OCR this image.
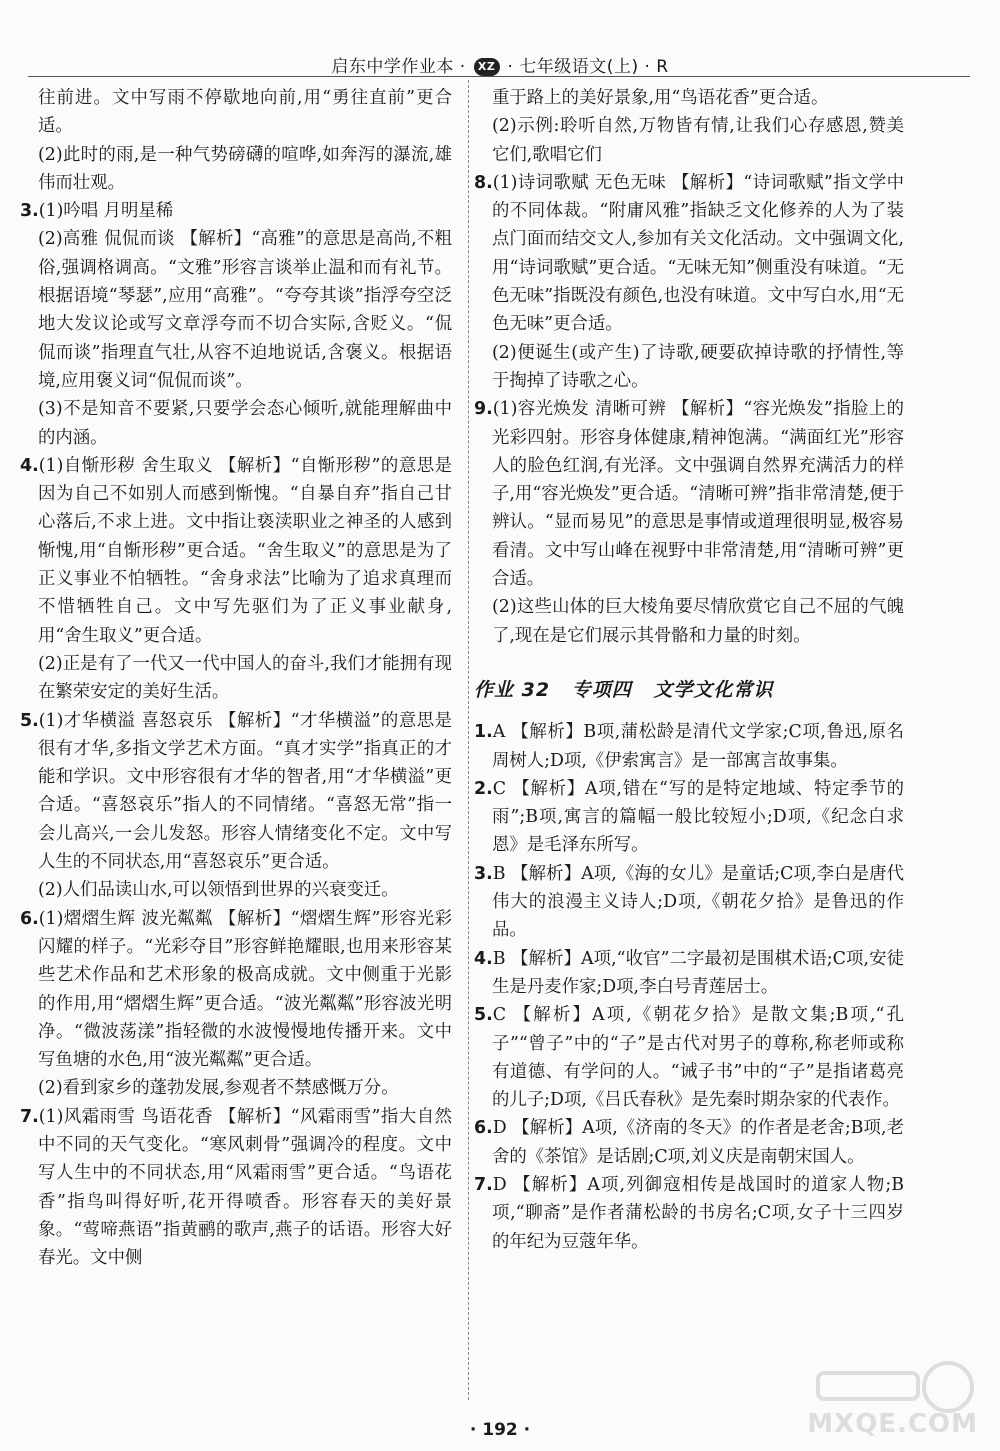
启东中学作业本 · XZ · 七年级语文(上) · R

往前进。文中写雨不停歇地向前,用“勇往直前”更合适。

(2)此时的雨,是一种气势磅礴的喧哗,如奔泻的瀑流,雄伟而壮观。

3.(1)吟唱 月明星稀

(2)高雅 侃侃而谈 【解析】“高雅”的意思是高尚,不粗俗,强调格调高。“文雅”形容言谈举止温和而有礼节。根据语境“琴瑟”,应用“高雅”。“夸夸其谈”指浮夸空泛地大发议论或写文章浮夸而不切合实际,含贬义。“侃侃而谈”指理直气壮,从容不迫地说话,含褒义。根据语境,应用褒义词“侃侃而谈”。

(3)不是知音不要紧,只要学会态心倾听,就能理解曲中的内涵。

4.(1)自惭形秽 舍生取义 【解析】“自惭形秽”的意思是因为自己不如别人而感到惭愧。“自暴自弃”指自己甘心落后,不求上进。文中指让亵渎职业之神圣的人感到惭愧,用“自惭形秽”更合适。“舍生取义”的意思是为了正义事业不怕牺牲。“舍身求法”比喻为了追求真理而不惜牺牲自己。文中写先驱们为了正义事业献身,用“舍生取义”更合适。

(2)正是有了一代又一代中国人的奋斗,我们才能拥有现在繁荣安定的美好生活。

5.(1)才华横溢 喜怒哀乐 【解析】“才华横溢”的意思是很有才华,多指文学艺术方面。“真才实学”指真正的才能和学识。文中形容很有才华的智者,用“才华横溢”更合适。“喜怒哀乐”指人的不同情绪。“喜怒无常”指一会儿高兴,一会儿发怒。形容人情绪变化不定。文中写人生的不同状态,用“喜怒哀乐”更合适。

(2)人们品读山水,可以领悟到世界的兴衰变迁。

6.(1)熠熠生辉 波光粼粼 【解析】“熠熠生辉”形容光彩闪耀的样子。“光彩夺目”形容鲜艳耀眼,也用来形容某些艺术作品和艺术形象的极高成就。文中侧重于光影的作用,用“熠熠生辉”更合适。“波光粼粼”形容波光明净。“微波荡漾”指轻微的水波慢慢地传播开来。文中写鱼塘的水色,用“波光粼粼”更合适。

(2)看到家乡的蓬勃发展,参观者不禁感慨万分。

7.(1)风霜雨雪 鸟语花香 【解析】“风霜雨雪”指大自然中不同的天气变化。“寒风刺骨”强调冷的程度。文中写人生中的不同状态,用“风霜雨雪”更合适。“鸟语花香”指鸟叫得好听,花开得喷香。形容春天的美好景象。“莺啼燕语”指黄鹂的歌声,燕子的话语。形容大好春光。文中侧

重于路上的美好景象,用“鸟语花香”更合适。

(2)示例:聆听自然,万物皆有情,让我们心存感恩,赞美它们,歌唱它们

8.(1)诗词歌赋 无色无味 【解析】“诗词歌赋”指文学中的不同体裁。“附庸风雅”指缺乏文化修养的人为了装点门面而结交文人,参加有关文化活动。文中强调文化,用“诗词歌赋”更合适。“无味无知”侧重没有味道。“无色无味”指既没有颜色,也没有味道。文中写白水,用“无色无味”更合适。

(2)便诞生(或产生)了诗歌,硬要砍掉诗歌的抒情性,等于掏掉了诗歌之心。

9.(1)容光焕发 清晰可辨 【解析】“容光焕发”指脸上的光彩四射。形容身体健康,精神饱满。“满面红光”形容人的脸色红润,有光泽。文中强调自然界充满活力的样子,用“容光焕发”更合适。“清晰可辨”指非常清楚,便于辨认。“显而易见”的意思是事情或道理很明显,极容易看清。文中写山峰在视野中非常清楚,用“清晰可辨”更合适。

(2)这些山体的巨大棱角要尽情欣赏它自己不屈的气魄了,现在是它们展示其骨骼和力量的时刻。

作业 32 专项四 文学文化常识

1.A 【解析】B项,蒲松龄是清代文学家;C项,鲁迅,原名周树人;D项,《伊索寓言》是一部寓言故事集。

2.C 【解析】A项,错在“写的是特定地域、特定季节的雨”;B项,寓言的篇幅一般比较短小;D项,《纪念白求恩》是毛泽东所写。

3.B 【解析】A项,《海的女儿》是童话;C项,李白是唐代伟大的浪漫主义诗人;D项,《朝花夕拾》是鲁迅的作品。

4.B 【解析】A项,“收官”二字最初是围棋术语;C项,安徒生是丹麦作家;D项,李白号青莲居士。

5.C 【解析】A项,《朝花夕拾》是散文集;B项,“孔子”“曾子”中的“子”是古代对男子的尊称,称老师或称有道德、有学问的人。“诫子书”中的“子”是指诸葛亮的儿子;D项,《吕氏春秋》是先秦时期杂家的代表作。

6.D 【解析】A项,《济南的冬天》的作者是老舍;B项,老舍的《茶馆》是话剧;C项,刘义庆是南朝宋国人。

7.D 【解析】A项,列御寇相传是战国时的道家人物;B项,“聊斋”是作者蒲松龄的书房名;C项,女子十三四岁的年纪为豆蔻年华。

· 192 ·	MXQE.COM
